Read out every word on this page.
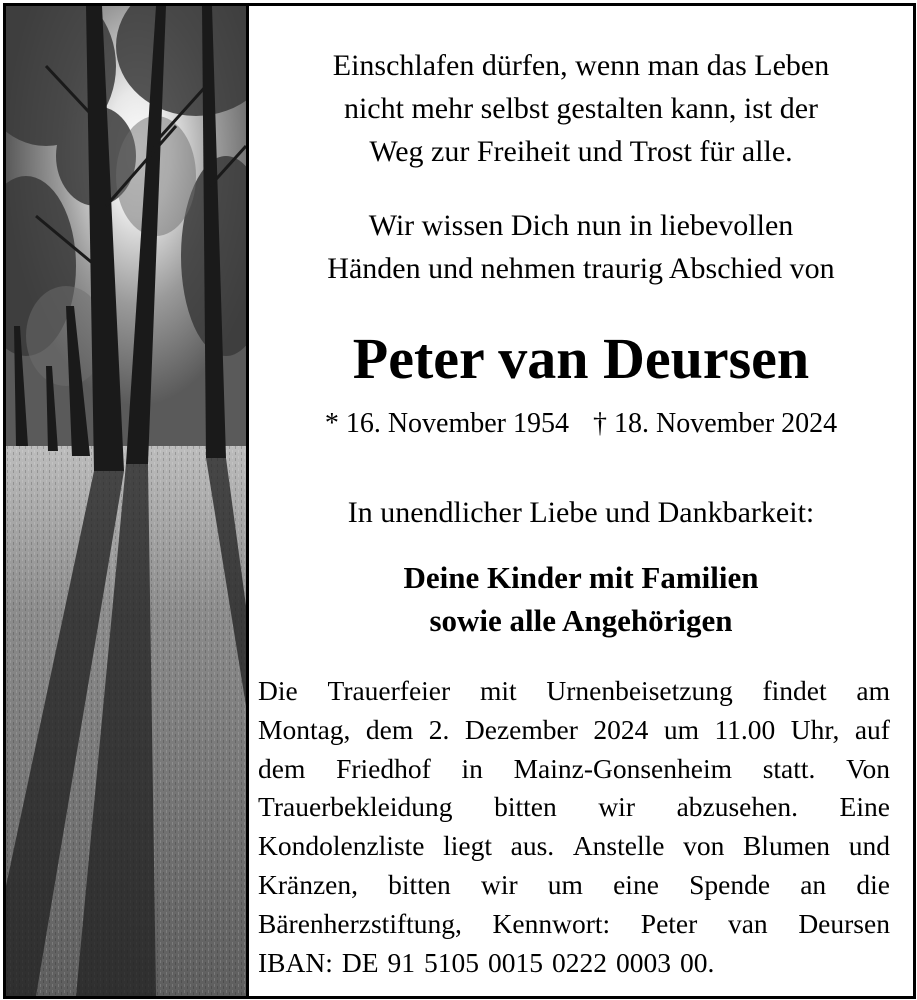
Einschlafen dürfen, wenn man das Leben
nicht mehr selbst gestalten kann, ist der
Weg zur Freiheit und Trost für alle.

Wir wissen Dich nun in liebevollen
Händen und nehmen traurig Abschied von

Peter van Deursen
* 16. November 1954 † 18. November 2024
In unendlicher Liebe und Dankbarkeit:
Deine Kinder mit Familien
sowie alle Angehörigen
Die Trauerfeier mit Urnenbeisetzung findet am
Montag, dem 2. Dezember 2024 um 11.00 Uhr, auf
dem Friedhof in Mainz-Gonsenheim statt. Von
Trauerbekleidung bitten wir abzusehen. Eine
Kondolenzliste liegt aus. Anstelle von Blumen und
Kränzen, bitten wir um eine Spende an die
Bärenherzstiftung, Kennwort: Peter van Deursen
IBAN: DE 91 5105 0015 0222 0003 00.
